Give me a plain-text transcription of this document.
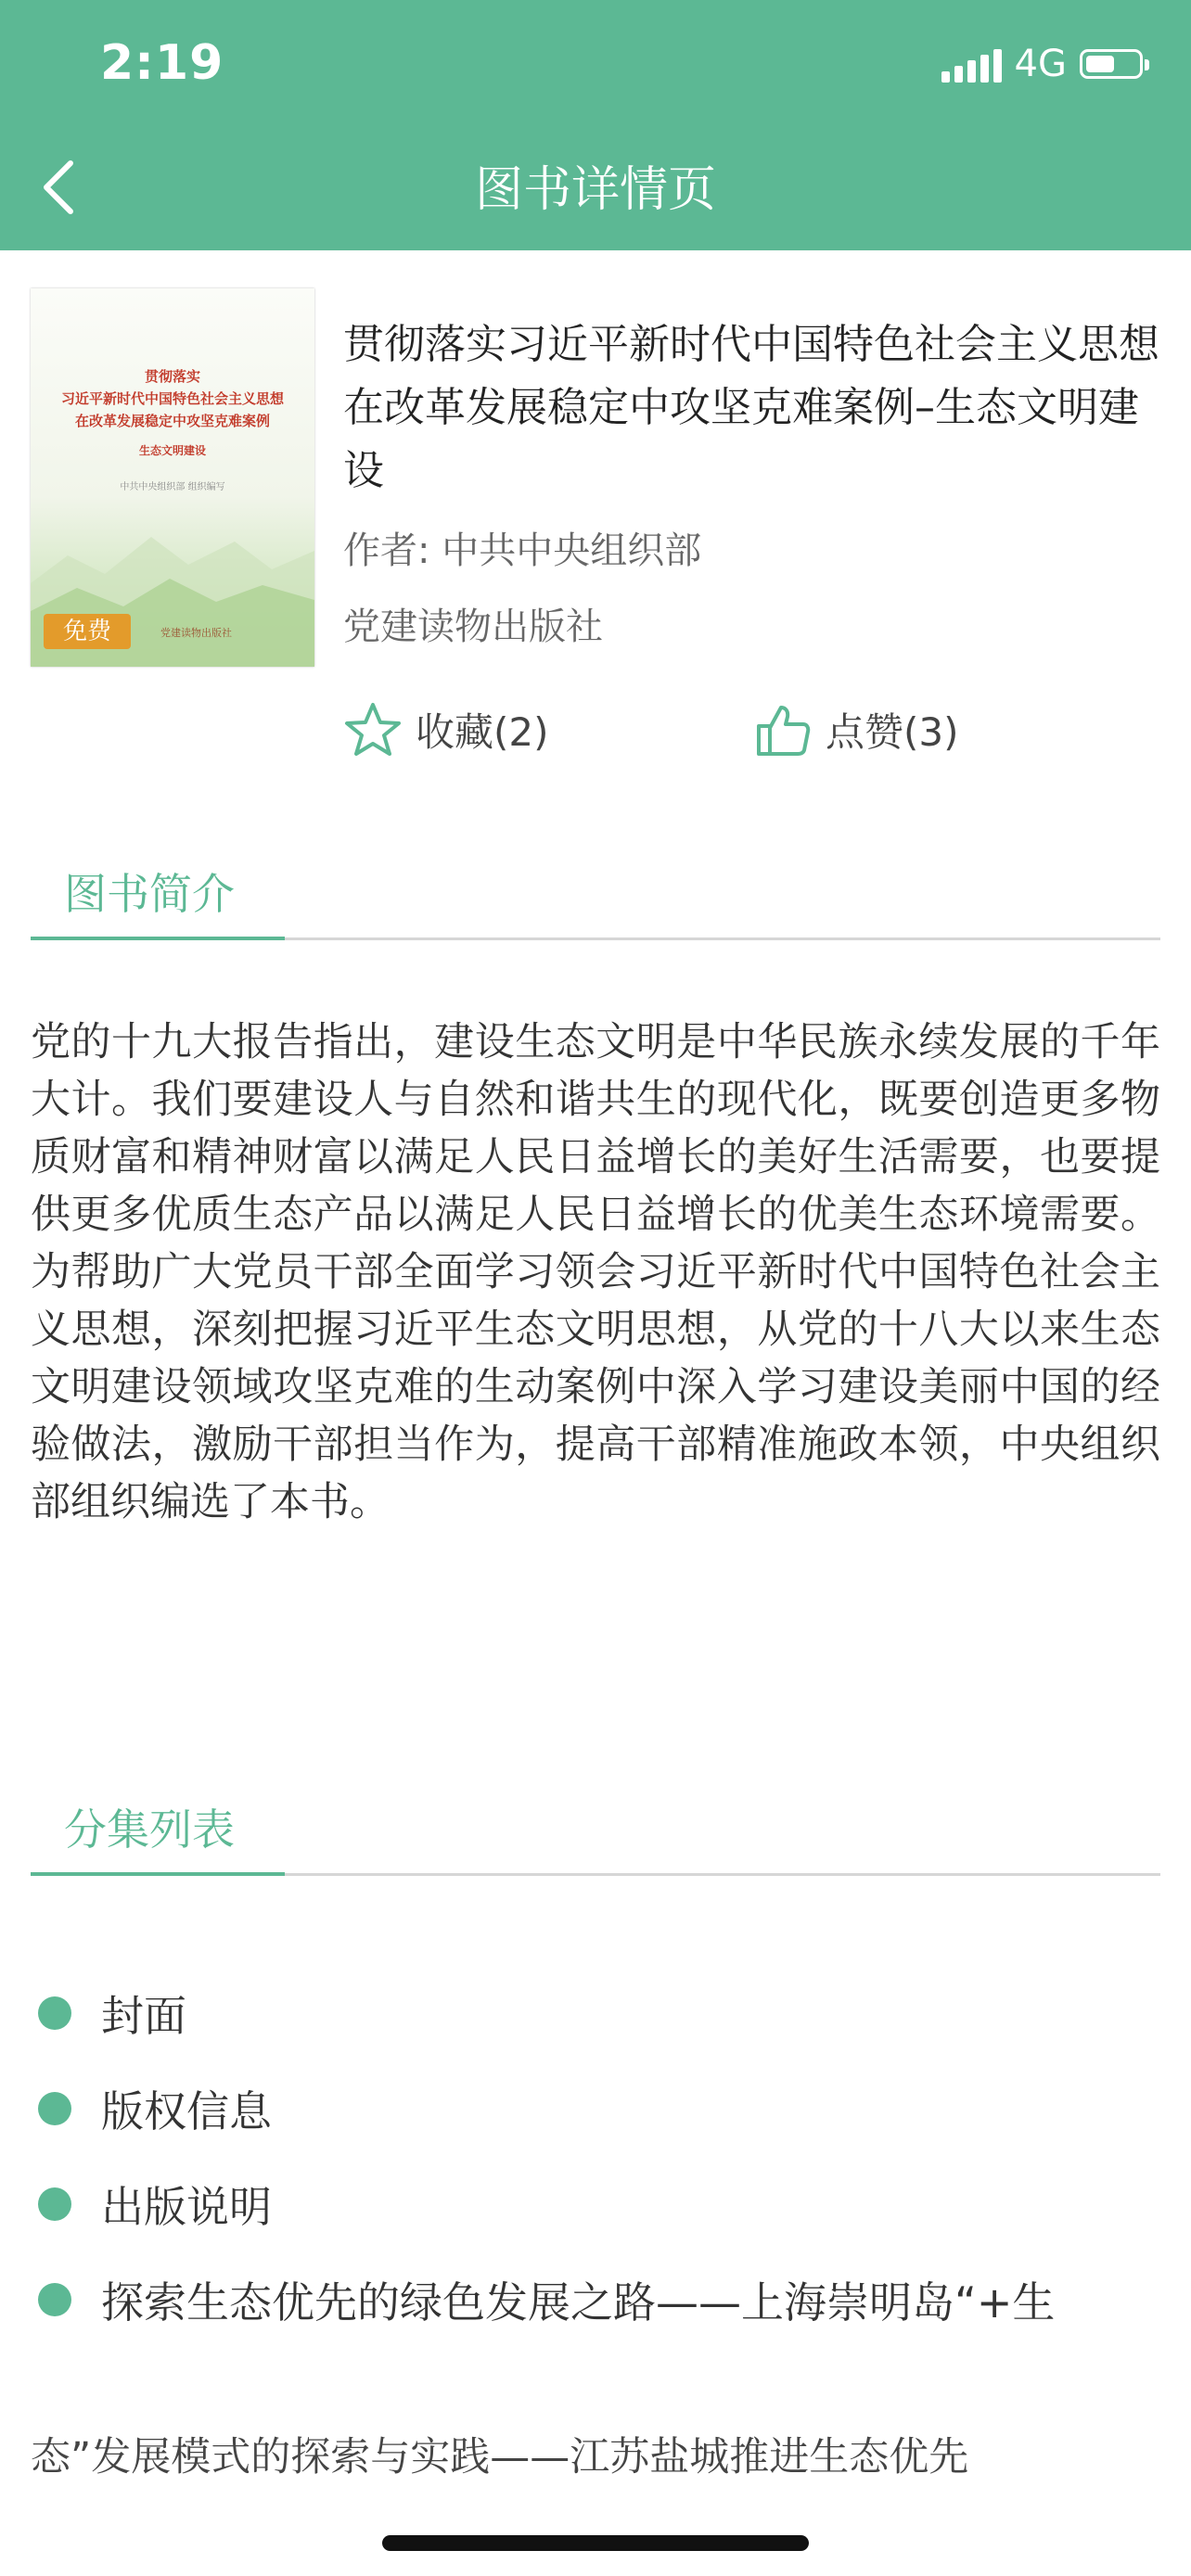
2:19	4G
图书详情页
贯彻落实
习近平新时代中国特色社会主义思想
在改革发展稳定中攻坚克难案例
生态文明建设
中共中央组织部 组织编写
免费	党建读物出版社
贯彻落实习近平新时代中国特色社会主义思想在改革发展稳定中攻坚克难案例–生态文明建设
作者: 中共中央组织部
党建读物出版社
收藏(2)	点赞(3)
图书简介
党的十九大报告指出，建设生态文明是中华民族永续发展的千年大计。我们要建设人与自然和谐共生的现代化，既要创造更多物质财富和精神财富以满足人民日益增长的美好生活需要，也要提供更多优质生态产品以满足人民日益增长的优美生态环境需要。为帮助广大党员干部全面学习领会习近平新时代中国特色社会主义思想，深刻把握习近平生态文明思想，从党的十八大以来生态文明建设领域攻坚克难的生动案例中深入学习建设美丽中国的经验做法，激励干部担当作为，提高干部精准施政本领，中央组织部组织编选了本书。
分集列表
封面
版权信息
出版说明
探索生态优先的绿色发展之路——上海崇明岛“+生
态”发展模式的探索与实践——江苏盐城推进生态优先
